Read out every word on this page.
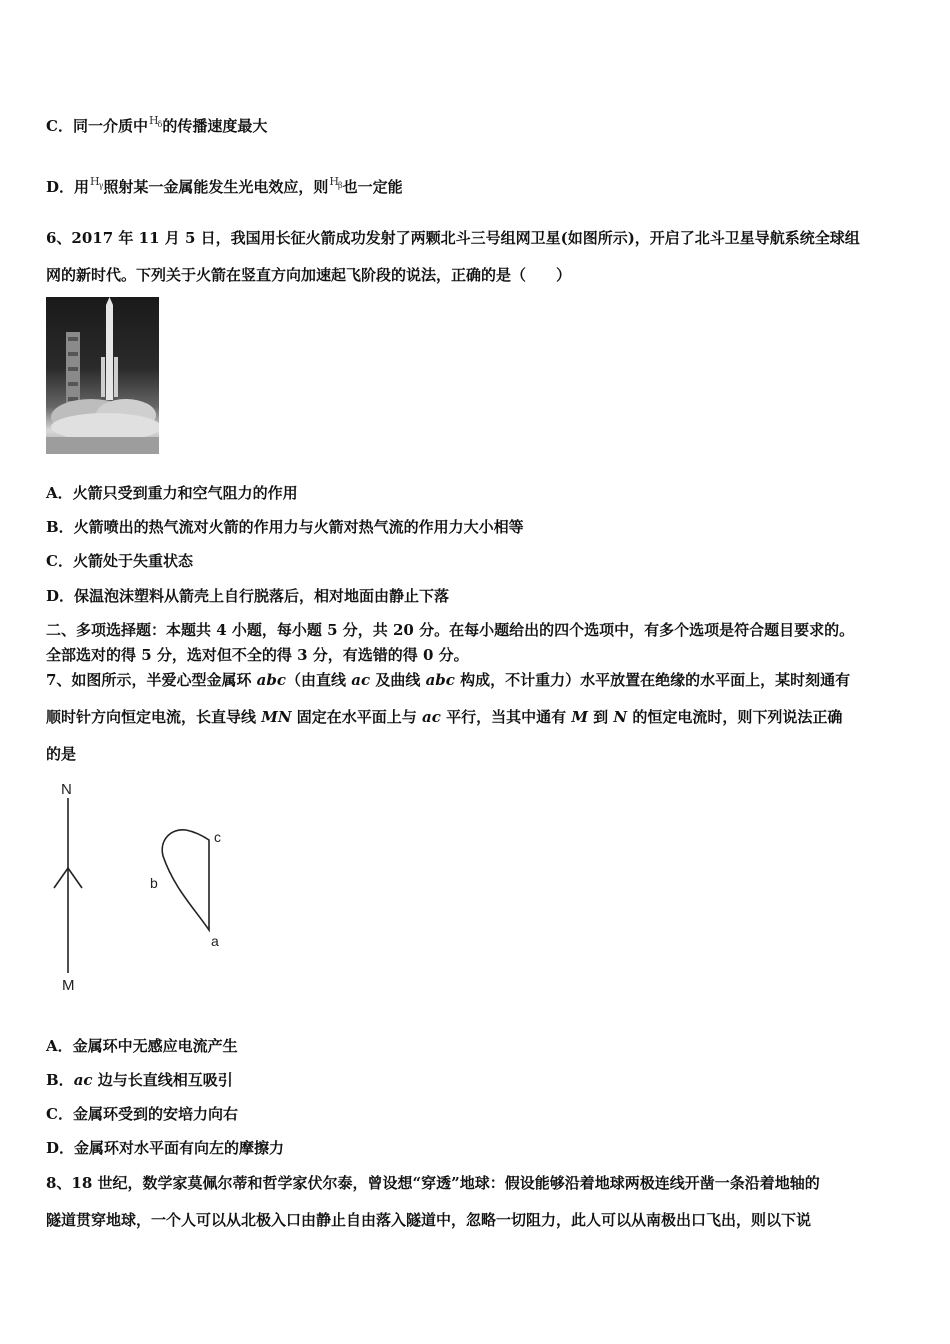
C．同一介质中$^{H_\delta}$的传播速度最大
D．用$^{H_\gamma}$照射某一金属能发生光电效应，则$^{H_\beta}$也一定能
6、2017 年 11 月 5 日，我国用长征火箭成功发射了两颗北斗三号组网卫星(如图所示)，开启了北斗卫星导航系统全球组
网的新时代。下列关于火箭在竖直方向加速起飞阶段的说法，正确的是（　　）
A．火箭只受到重力和空气阻力的作用
B．火箭喷出的热气流对火箭的作用力与火箭对热气流的作用力大小相等
C．火箭处于失重状态
D．保温泡沫塑料从箭壳上自行脱落后，相对地面由静止下落
二、多项选择题：本题共 4 小题，每小题 5 分，共 20 分。在每小题给出的四个选项中，有多个选项是符合题目要求的。
全部选对的得 5 分，选对但不全的得 3 分，有选错的得 0 分。
7、如图所示，半爱心型金属环 abc（由直线 ac 及曲线 abc 构成，不计重力）水平放置在绝缘的水平面上，某时刻通有
顺时针方向恒定电流，长直导线 MN 固定在水平面上与 ac 平行，当其中通有 M 到 N 的恒定电流时，则下列说法正确
的是
N
M
c
b
a
A．金属环中无感应电流产生
B．ac 边与长直线相互吸引
C．金属环受到的安培力向右
D．金属环对水平面有向左的摩擦力
8、18 世纪，数学家莫佩尔蒂和哲学家伏尔泰，曾设想“穿透”地球：假设能够沿着地球两极连线开凿一条沿着地轴的
隧道贯穿地球，一个人可以从北极入口由静止自由落入隧道中，忽略一切阻力，此人可以从南极出口飞出，则以下说
